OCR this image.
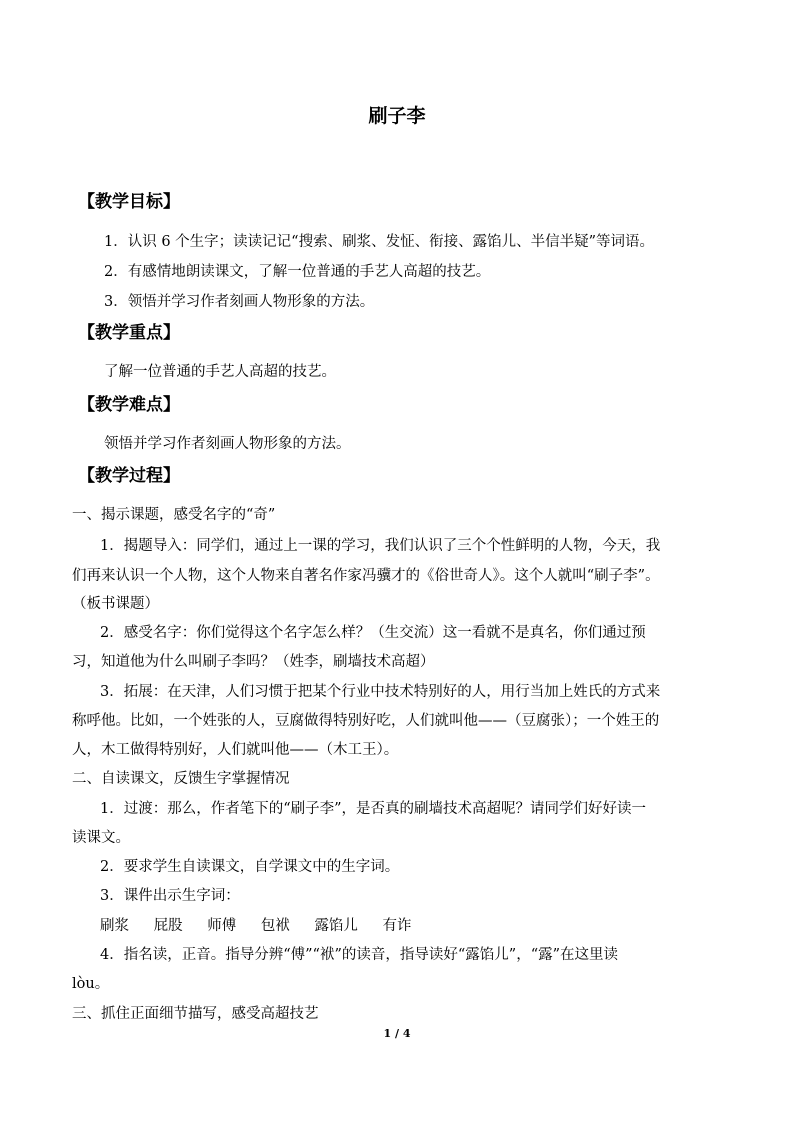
刷子李
【教学目标】
1．认识 6 个生字；读读记记“搜索、刷浆、发怔、衔接、露馅儿、半信半疑”等词语。
2．有感情地朗读课文，了解一位普通的手艺人高超的技艺。
3．领悟并学习作者刻画人物形象的方法。
【教学重点】
了解一位普通的手艺人高超的技艺。
【教学难点】
领悟并学习作者刻画人物形象的方法。
【教学过程】
一、揭示课题，感受名字的“奇”
1．揭题导入：同学们，通过上一课的学习，我们认识了三个个性鲜明的人物，今天，我
们再来认识一个人物，这个人物来自著名作家冯骥才的《俗世奇人》。这个人就叫“刷子李”。
（板书课题）
2．感受名字：你们觉得这个名字怎么样？（生交流）这一看就不是真名，你们通过预
习，知道他为什么叫刷子李吗？（姓李，刷墙技术高超）
3．拓展：在天津，人们习惯于把某个行业中技术特别好的人，用行当加上姓氏的方式来
称呼他。比如，一个姓张的人，豆腐做得特别好吃，人们就叫他——（豆腐张）；一个姓王的
人，木工做得特别好，人们就叫他——（木工王）。
二、自读课文，反馈生字掌握情况
1．过渡：那么，作者笔下的“刷子李”，是否真的刷墙技术高超呢？请同学们好好读一
读课文。
2．要求学生自读课文，自学课文中的生字词。
3．课件出示生字词：
刷浆 屁股 师傅 包袱 露馅儿 有诈
4．指名读，正音。指导分辨“傅”“袱”的读音，指导读好“露馅儿”，“露”在这里读
lòu。
三、抓住正面细节描写，感受高超技艺
1 / 4
